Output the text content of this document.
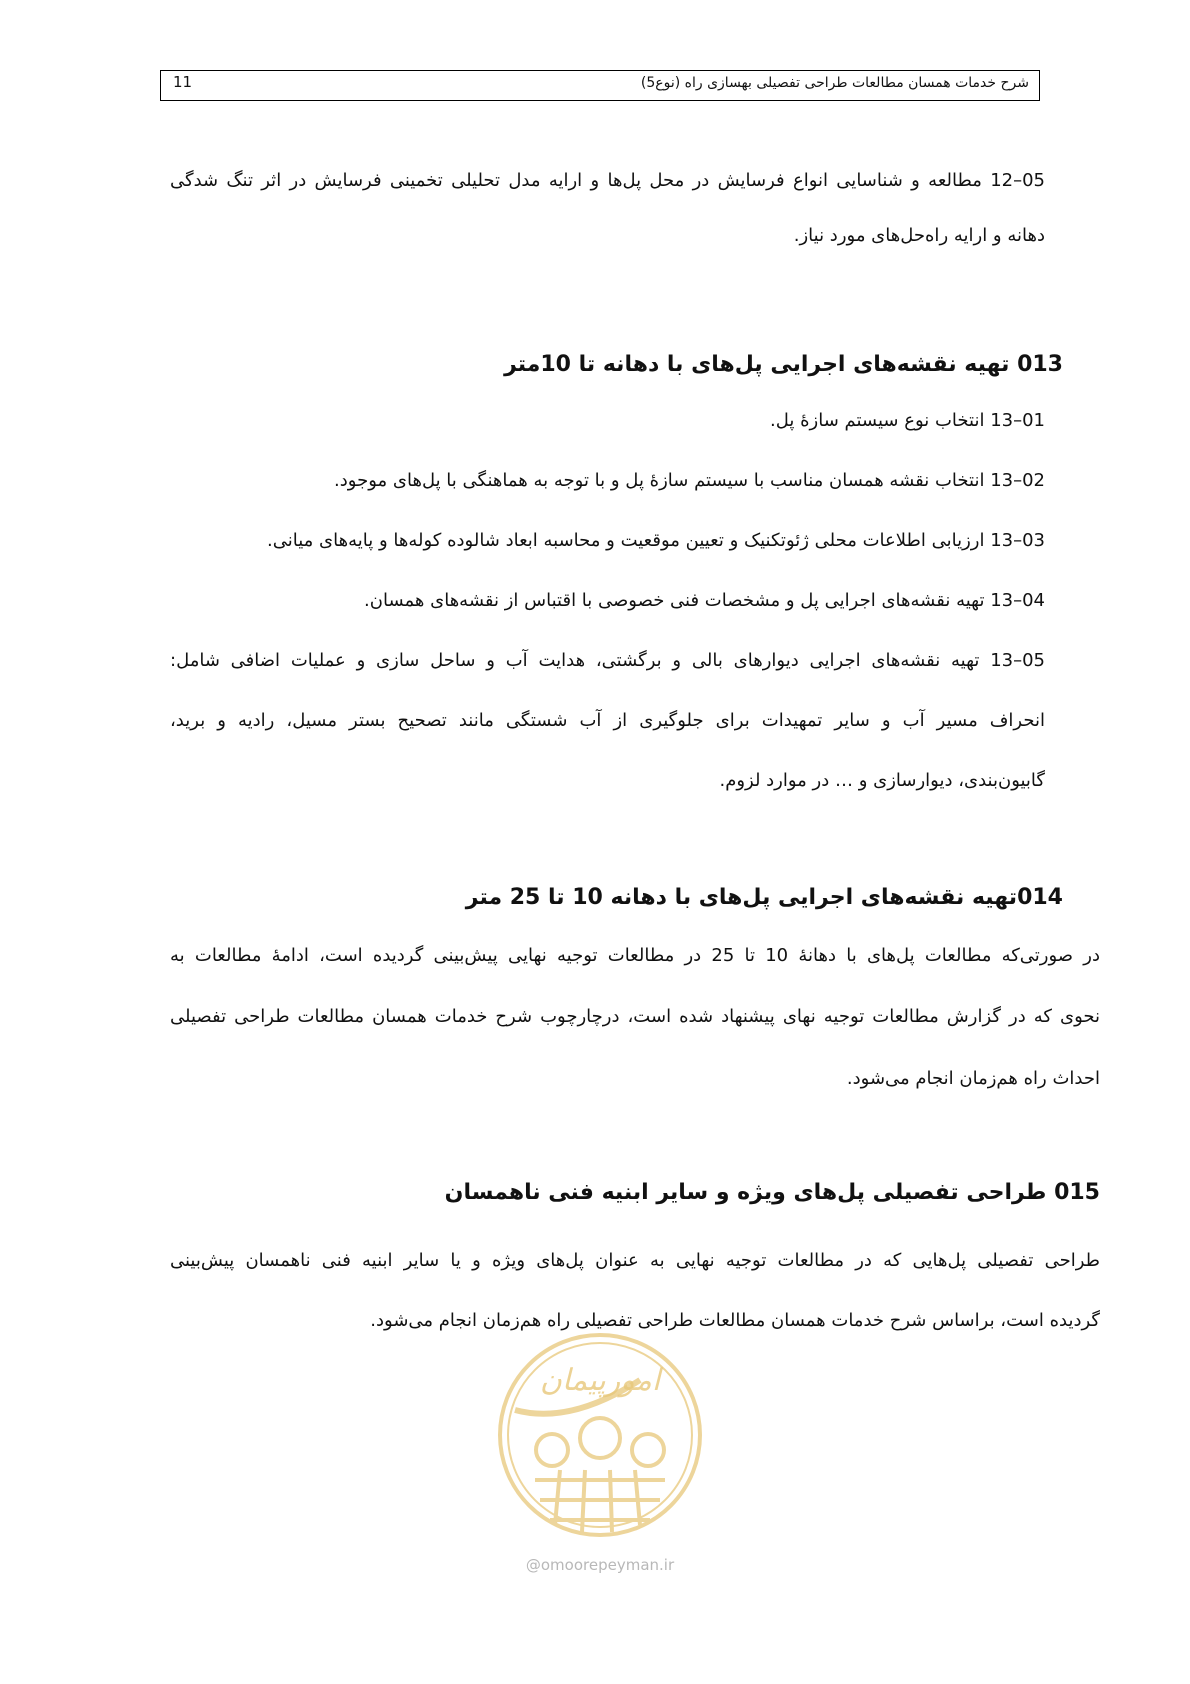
شرح خدمات همسان مطالعات طراحی تفصیلی بهسازی راه (نوع5)
11
05–12 مطالعه و شناسایی انواع فرسایش در محل پل‌ها و ارایه مدل تحلیلی تخمینی فرسایش در اثر تنگ شدگی
دهانه و ارایه راه‌حل‌های مورد نیاز.
013 تهیه نقشه‌های اجرایی پل‌های با دهانه تا 10متر
01–13 انتخاب نوع سیستم سازهٔ پل.
02–13 انتخاب نقشه همسان مناسب با سیستم سازهٔ پل و با توجه به هماهنگی با پل‌های موجود.
03–13 ارزیابی اطلاعات محلی ژئوتکنیک و تعیین موقعیت و محاسبه ابعاد شالوده کوله‌ها و پایه‌های میانی.
04–13 تهیه نقشه‌های اجرایی پل و مشخصات فنی خصوصی با اقتباس از نقشه‌های همسان.
05–13 تهیه نقشه‌های اجرایی دیوارهای بالی و برگشتی، هدایت آب و ساحل سازی و عملیات اضافی شامل:
انحراف مسیر آب و سایر تمهیدات برای جلوگیری از آب شستگی مانند تصحیح بستر مسیل، رادیه و برید،
گابیون‌بندی، دیوارسازی و … در موارد لزوم.
014تهیه نقشه‌های اجرایی پل‌های با دهانه 10 تا 25 متر
در صورتی‌که مطالعات پل‌های با دهانهٔ 10 تا 25 در مطالعات توجیه نهایی پیش‌بینی گردیده است، ادامهٔ مطالعات به
نحوی که در گزارش مطالعات توجیه نهای پیشنهاد شده است، درچارچوب شرح خدمات همسان مطالعات طراحی تفصیلی
احداث راه هم‌زمان انجام می‌شود.
015 طراحی تفصیلی پل‌های ویژه و سایر ابنیه فنی ناهمسان
طراحی تفصیلی پل‌هایی که در مطالعات توجیه نهایی به عنوان پل‌های ویژه و یا سایر ابنیه فنی ناهمسان پیش‌بینی
گردیده است، براساس شرح خدمات همسان مطالعات طراحی تفصیلی راه هم‌زمان انجام می‌شود.
امورپیمان
@omoorepeyman.ir
